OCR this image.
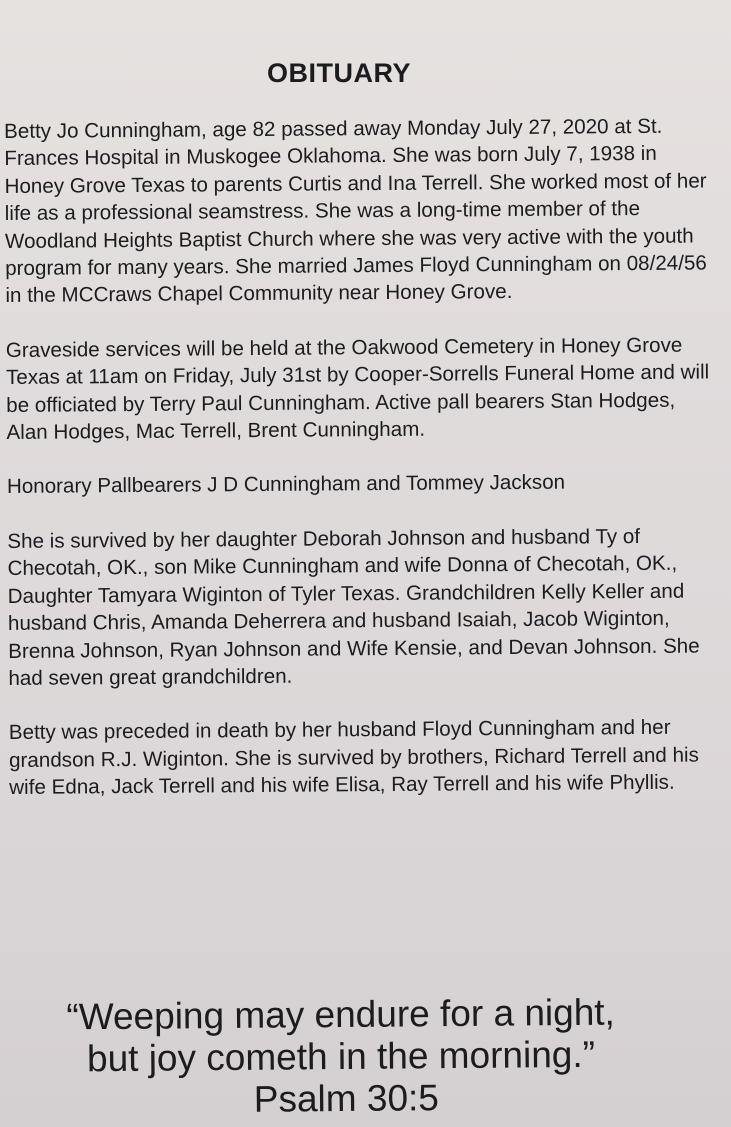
OBITUARY

Betty Jo Cunningham, age 82 passed away Monday July 27, 2020 at St. Frances Hospital in Muskogee Oklahoma. She was born July 7, 1938 in Honey Grove Texas to parents Curtis and Ina Terrell. She worked most of her life as a professional seamstress. She was a long-time member of the Woodland Heights Baptist Church where she was very active with the youth program for many years. She married James Floyd Cunningham on 08/24/56 in the MCCraws Chapel Community near Honey Grove.

Graveside services will be held at the Oakwood Cemetery in Honey Grove Texas at 11am on Friday, July 31st by Cooper-Sorrells Funeral Home and will be officiated by Terry Paul Cunningham. Active pall bearers Stan Hodges, Alan Hodges, Mac Terrell, Brent Cunningham.

Honorary Pallbearers J D Cunningham and Tommey Jackson

She is survived by her daughter Deborah Johnson and husband Ty of Checotah, OK., son Mike Cunningham and wife Donna of Checotah, OK., Daughter Tamyara Wiginton of Tyler Texas. Grandchildren Kelly Keller and husband Chris, Amanda Deherrera and husband Isaiah, Jacob Wiginton, Brenna Johnson, Ryan Johnson and Wife Kensie, and Devan Johnson. She had seven great grandchildren.

Betty was preceded in death by her husband Floyd Cunningham and her grandson R.J. Wiginton. She is survived by brothers, Richard Terrell and his wife Edna, Jack Terrell and his wife Elisa, Ray Terrell and his wife Phyllis.

“Weeping may endure for a night,
but joy cometh in the morning.”
Psalm 30:5
